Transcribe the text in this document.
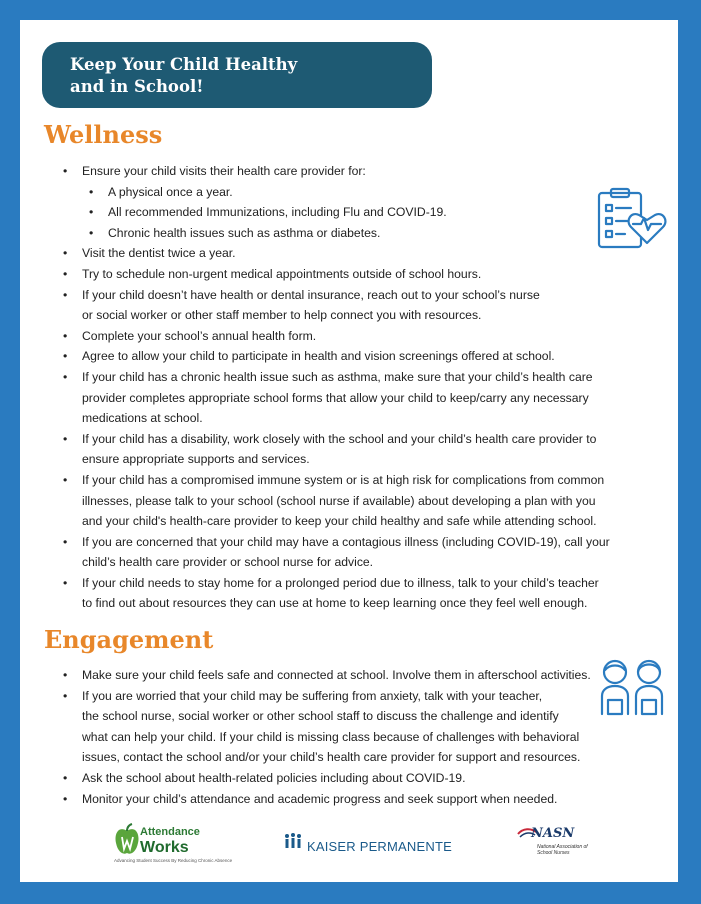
Keep Your Child Healthy
and in School!
Wellness
• Ensure your child visits their health care provider for:
• A physical once a year.
• All recommended Immunizations, including Flu and COVID-19.
• Chronic health issues such as asthma or diabetes.
• Visit the dentist twice a year.
• Try to schedule non-urgent medical appointments outside of school hours.
• If your child doesn’t have health or dental insurance, reach out to your school’s nurse
or social worker or other staff member to help connect you with resources.
• Complete your school’s annual health form.
• Agree to allow your child to participate in health and vision screenings offered at school.
• If your child has a chronic health issue such as asthma, make sure that your child’s health care
provider completes appropriate school forms that allow your child to keep/carry any necessary
medications at school.
• If your child has a disability, work closely with the school and your child’s health care provider to
ensure appropriate supports and services.
• If your child has a compromised immune system or is at high risk for complications from common
illnesses, please talk to your school (school nurse if available) about developing a plan with you
and your child's health-care provider to keep your child healthy and safe while attending school.
• If you are concerned that your child may have a contagious illness (including COVID-19), call your
child’s health care provider or school nurse for advice.
• If your child needs to stay home for a prolonged period due to illness, talk to your child’s teacher
to find out about resources they can use at home to keep learning once they feel well enough.
Engagement
• Make sure your child feels safe and connected at school. Involve them in afterschool activities.
• If you are worried that your child may be suffering from anxiety, talk with your teacher,
the school nurse, social worker or other school staff to discuss the challenge and identify
what can help your child. If your child is missing class because of challenges with behavioral
issues, contact the school and/or your child’s health care provider for support and resources.
• Ask the school about health-related policies including about COVID-19.
• Monitor your child’s attendance and academic progress and seek support when needed.
Attendance
Works
Advancing Student Success By Reducing Chronic Absence
KAISER PERMANENTE
NASN
National Association of School Nurses
